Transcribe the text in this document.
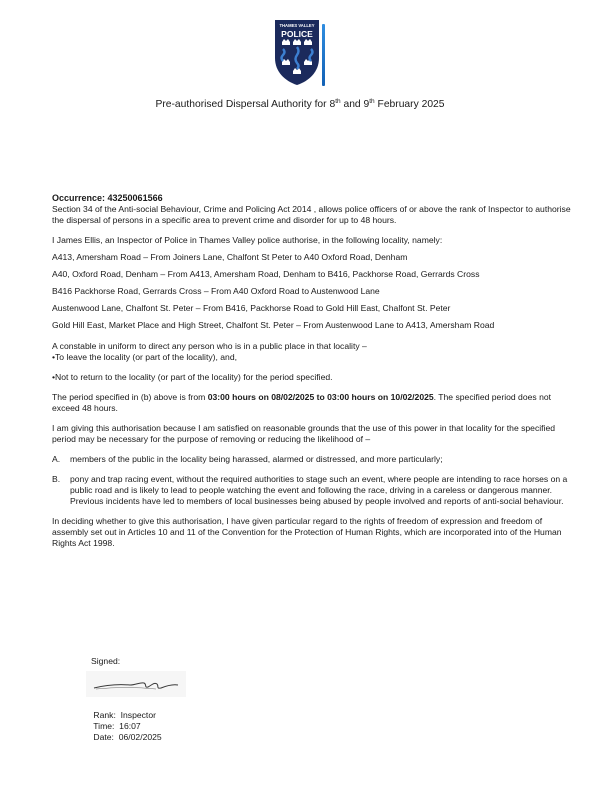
THAMES VALLEY
POLICE
Pre-authorised Dispersal Authority for 8th and 9th February 2025

Occurrence: 43250061566

Section 34 of the Anti-social Behaviour, Crime and Policing Act 2014 , allows police officers of or above the rank of Inspector to authorise the dispersal of persons in a specific area to prevent crime and disorder for up to 48 hours.

I James Ellis, an Inspector of Police in Thames Valley police authorise, in the following locality, namely:

A413, Amersham Road – From Joiners Lane, Chalfont St Peter to A40 Oxford Road, Denham

A40, Oxford Road, Denham – From A413, Amersham Road, Denham to B416, Packhorse Road, Gerrards Cross

B416 Packhorse Road, Gerrards Cross – From A40 Oxford Road to Austenwood Lane

Austenwood Lane, Chalfont St. Peter – From B416, Packhorse Road to Gold Hill East, Chalfont St. Peter

Gold Hill East, Market Place and High Street, Chalfont St. Peter – From Austenwood Lane to A413, Amersham Road

A constable in uniform to direct any person who is in a public place in that locality –

•To leave the locality (or part of the locality), and,

•Not to return to the locality (or part of the locality) for the period specified.

The period specified in (b) above is from 03:00 hours on 08/02/2025 to 03:00 hours on 10/02/2025. The specified period does not exceed 48 hours.

I am giving this authorisation because I am satisfied on reasonable grounds that the use of this power in that locality for the specified period may be necessary for the purpose of removing or reducing the likelihood of –

A.	members of the public in the locality being harassed, alarmed or distressed, and more particularly;
B.	pony and trap racing event, without the required authorities to stage such an event, where people are intending to race horses on a public road and is likely to lead to people watching the event and following the race, driving in a careless or dangerous manner. Previous incidents have led to members of local businesses being abused by people involved and reports of anti-social behaviour.

In deciding whether to give this authorisation, I have given particular regard to the rights of freedom of expression and freedom of assembly set out in Articles 10 and 11 of the Convention for the Protection of Human Rights, which are incorporated into of the Human Rights Act 1998.

Signed:
Rank:  Inspector
Time:  16:07
Date:  06/02/2025
